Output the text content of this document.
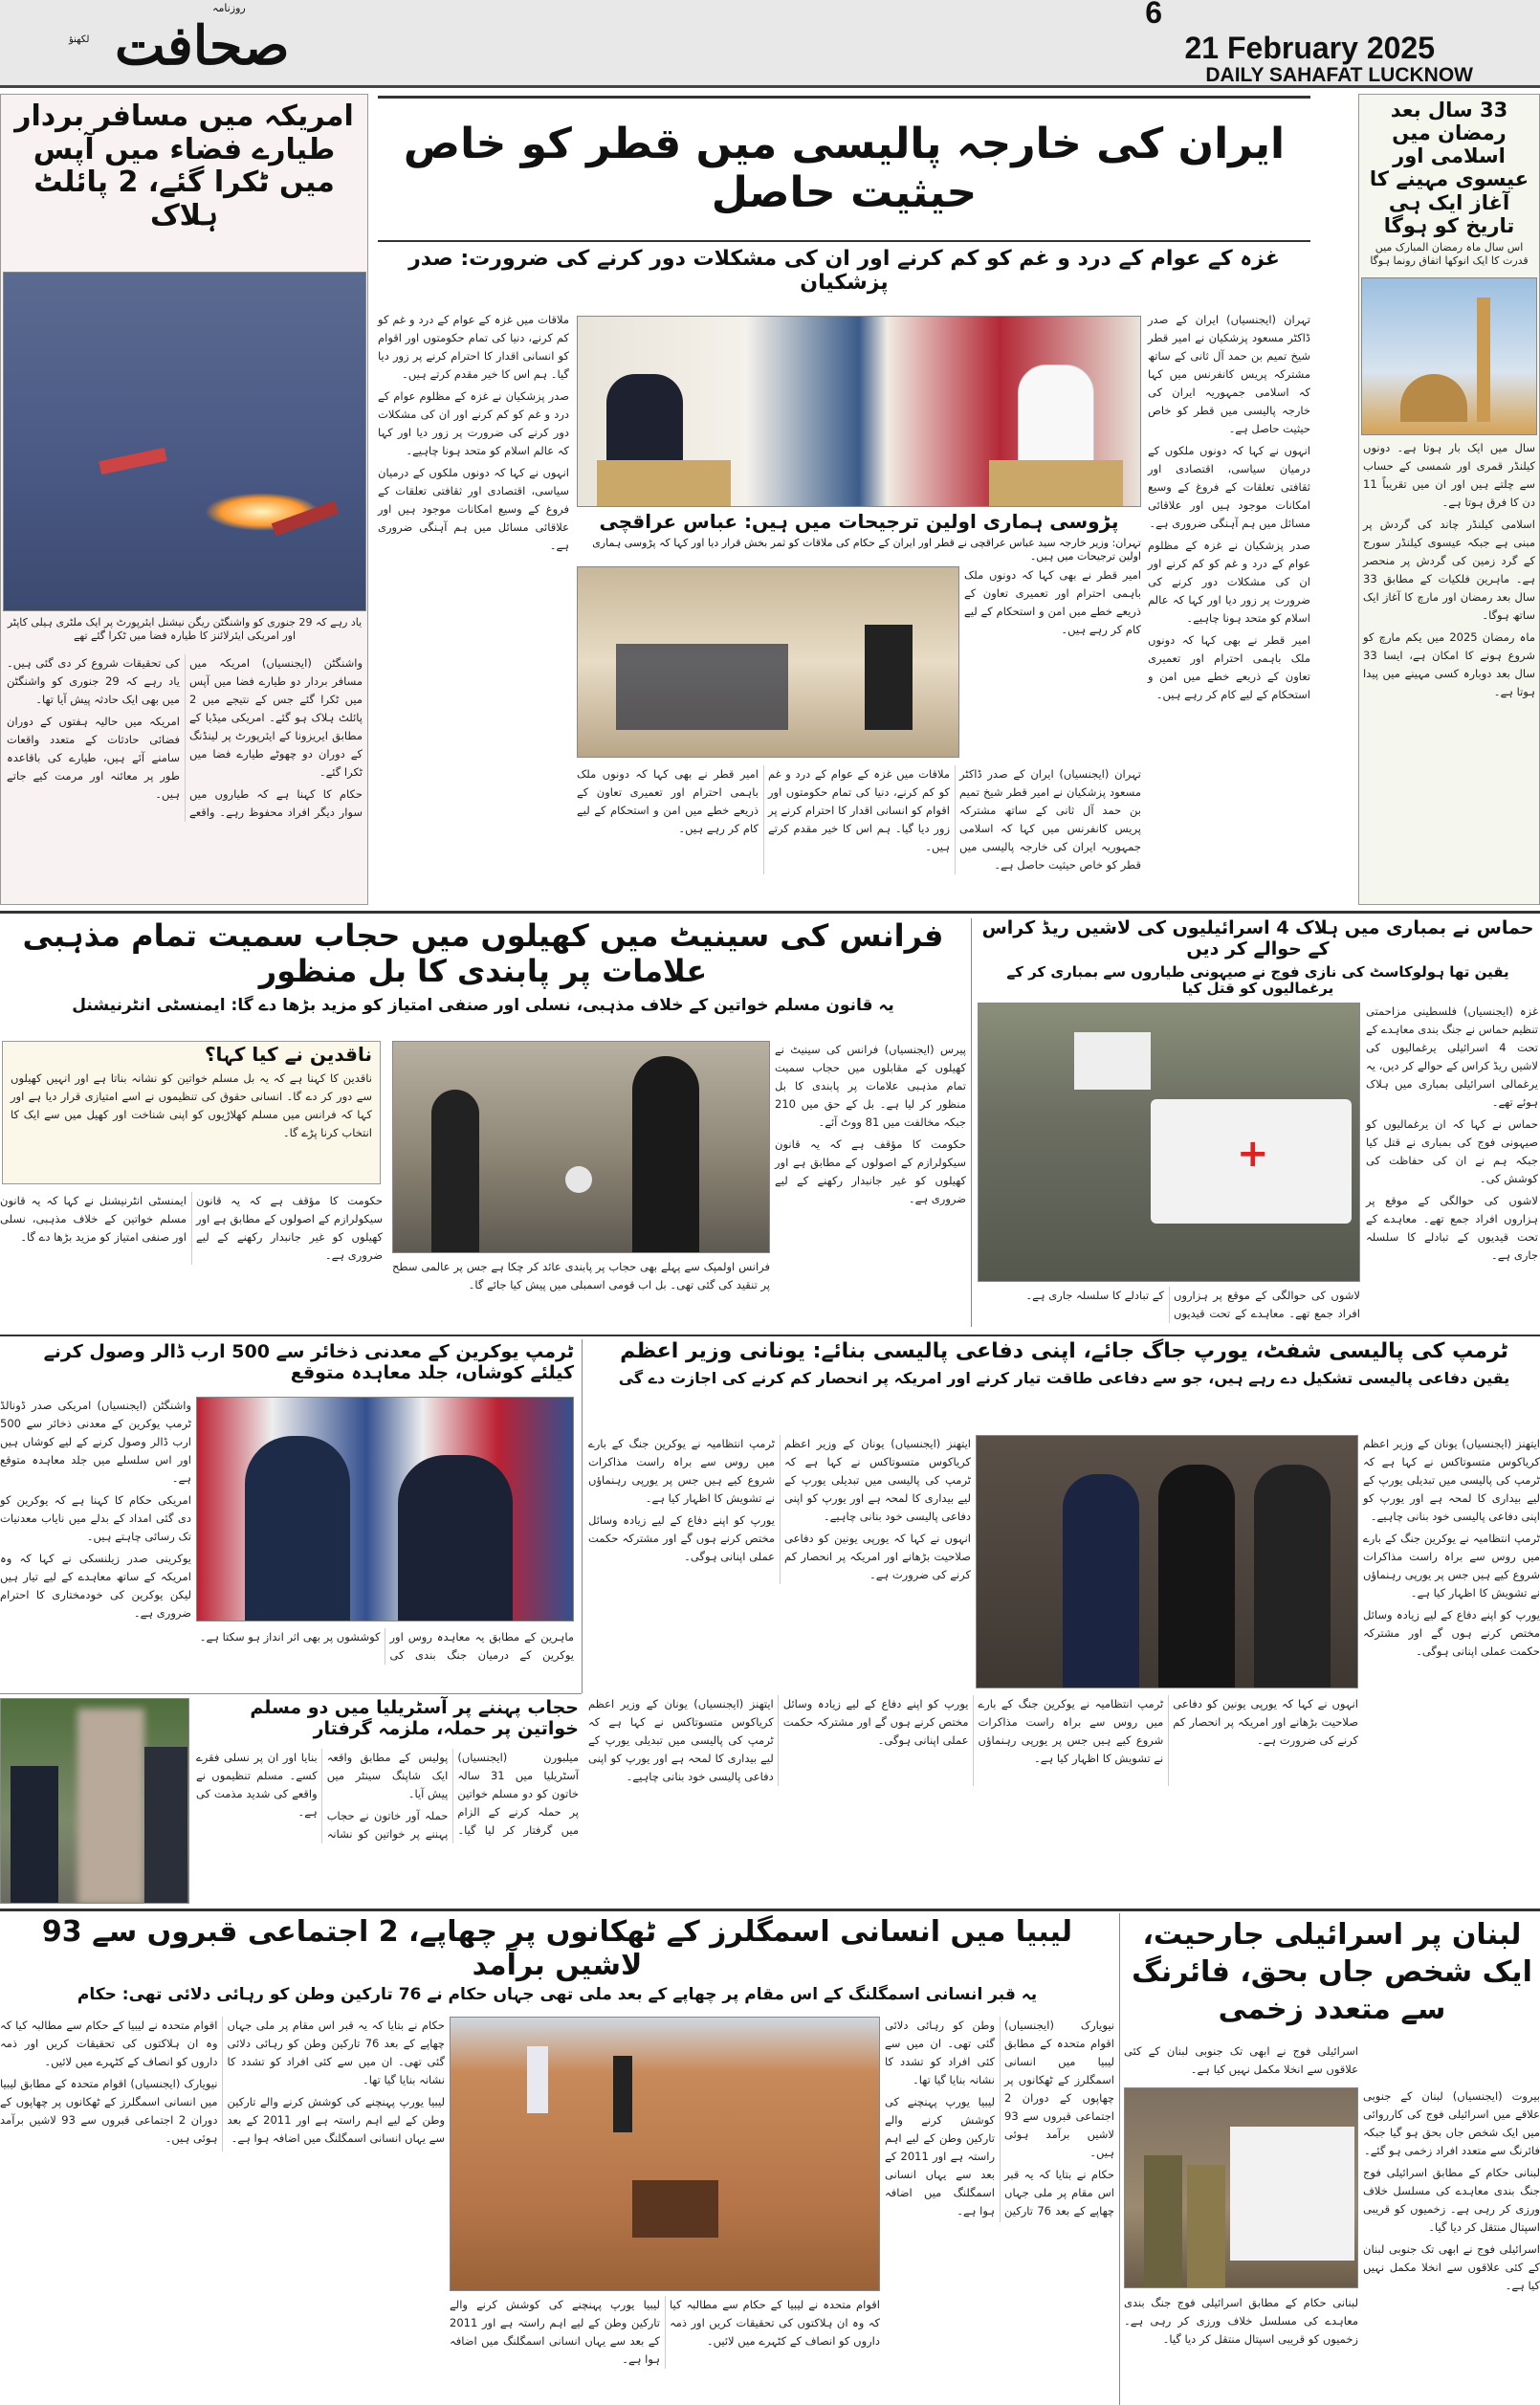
روزنامہ
لکھنؤ صحافت
6
21 February 2025
DAILY SAHAFAT LUCKNOW
امریکہ میں مسافر بردار طیارے فضاء میں آپس میں ٹکرا گئے، 2 پائلٹ ہلاک
یاد رہے کہ 29 جنوری کو واشنگٹن ریگن نیشنل ایئرپورٹ پر ایک ملٹری ہیلی کاپٹر اور امریکی ایئرلائنز کا طیارہ فضا میں ٹکرا گئے تھے

واشنگٹن (ایجنسیاں) امریکہ میں مسافر بردار دو طیارے فضا میں آپس میں ٹکرا گئے جس کے نتیجے میں 2 پائلٹ ہلاک ہو گئے۔ امریکی میڈیا کے مطابق ایریزونا کے ایئرپورٹ پر لینڈنگ کے دوران دو چھوٹے طیارے فضا میں ٹکرا گئے۔

حکام کا کہنا ہے کہ طیاروں میں سوار دیگر افراد محفوظ رہے۔ واقعے کی تحقیقات شروع کر دی گئی ہیں۔ یاد رہے کہ 29 جنوری کو واشنگٹن میں بھی ایک حادثہ پیش آیا تھا۔

امریکہ میں حالیہ ہفتوں کے دوران فضائی حادثات کے متعدد واقعات سامنے آئے ہیں، طیارے کی باقاعدہ طور پر معائنہ اور مرمت کیے جاتے ہیں۔

ایران کی خارجہ پالیسی میں قطر کو خاص حیثیت حاصل
غزہ کے عوام کے درد و غم کو کم کرنے اور ان کی مشکلات دور کرنے کی ضرورت: صدر پزشکیان

تہران (ایجنسیاں) ایران کے صدر ڈاکٹر مسعود پزشکیان نے امیر قطر شیخ تمیم بن حمد آل ثانی کے ساتھ مشترکہ پریس کانفرنس میں کہا کہ اسلامی جمہوریہ ایران کی خارجہ پالیسی میں قطر کو خاص حیثیت حاصل ہے۔

انہوں نے کہا کہ دونوں ملکوں کے درمیان سیاسی، اقتصادی اور ثقافتی تعلقات کے فروغ کے وسیع امکانات موجود ہیں اور علاقائی مسائل میں ہم آہنگی ضروری ہے۔

صدر پزشکیان نے غزہ کے مظلوم عوام کے درد و غم کو کم کرنے اور ان کی مشکلات دور کرنے کی ضرورت پر زور دیا اور کہا کہ عالم اسلام کو متحد ہونا چاہیے۔

امیر قطر نے بھی کہا کہ دونوں ملک باہمی احترام اور تعمیری تعاون کے ذریعے خطے میں امن و استحکام کے لیے کام کر رہے ہیں۔

ملاقات میں غزہ کے عوام کے درد و غم کو کم کرنے، دنیا کی تمام حکومتوں اور اقوام کو انسانی اقدار کا احترام کرنے پر زور دیا گیا۔ ہم اس کا خیر مقدم کرتے ہیں۔

صدر پزشکیان نے غزہ کے مظلوم عوام کے درد و غم کو کم کرنے اور ان کی مشکلات دور کرنے کی ضرورت پر زور دیا اور کہا کہ عالم اسلام کو متحد ہونا چاہیے۔

انہوں نے کہا کہ دونوں ملکوں کے درمیان سیاسی، اقتصادی اور ثقافتی تعلقات کے فروغ کے وسیع امکانات موجود ہیں اور علاقائی مسائل میں ہم آہنگی ضروری ہے۔

پڑوسی ہماری اولین ترجیحات میں ہیں: عباس عراقچی
تہران: وزیر خارجہ سید عباس عراقچی نے قطر اور ایران کے حکام کی ملاقات کو ثمر بخش قرار دیا اور کہا کہ پڑوسی ہماری اولین ترجیحات میں ہیں۔

امیر قطر نے بھی کہا کہ دونوں ملک باہمی احترام اور تعمیری تعاون کے ذریعے خطے میں امن و استحکام کے لیے کام کر رہے ہیں۔

تہران (ایجنسیاں) ایران کے صدر ڈاکٹر مسعود پزشکیان نے امیر قطر شیخ تمیم بن حمد آل ثانی کے ساتھ مشترکہ پریس کانفرنس میں کہا کہ اسلامی جمہوریہ ایران کی خارجہ پالیسی میں قطر کو خاص حیثیت حاصل ہے۔

ملاقات میں غزہ کے عوام کے درد و غم کو کم کرنے، دنیا کی تمام حکومتوں اور اقوام کو انسانی اقدار کا احترام کرنے پر زور دیا گیا۔ ہم اس کا خیر مقدم کرتے ہیں۔

امیر قطر نے بھی کہا کہ دونوں ملک باہمی احترام اور تعمیری تعاون کے ذریعے خطے میں امن و استحکام کے لیے کام کر رہے ہیں۔

33 سال بعد رمضان میں اسلامی اور عیسوی مہینے کا آغاز ایک ہی تاریخ کو ہوگا
اس سال ماہ رمضان المبارک میں قدرت کا ایک انوکھا اتفاق رونما ہوگا

سال میں ایک بار ہوتا ہے۔ دونوں کیلنڈر قمری اور شمسی کے حساب سے چلتے ہیں اور ان میں تقریباً 11 دن کا فرق ہوتا ہے۔

اسلامی کیلنڈر چاند کی گردش پر مبنی ہے جبکہ عیسوی کیلنڈر سورج کے گرد زمین کی گردش پر منحصر ہے۔ ماہرین فلکیات کے مطابق 33 سال بعد رمضان اور مارچ کا آغاز ایک ساتھ ہوگا۔

ماہ رمضان 2025 میں یکم مارچ کو شروع ہونے کا امکان ہے، ایسا 33 سال بعد دوبارہ کسی مہینے میں پیدا ہوتا ہے۔

فرانس کی سینیٹ میں کھیلوں میں حجاب سمیت تمام مذہبی علامات پر پابندی کا بل منظور
یہ قانون مسلم خواتین کے خلاف مذہبی، نسلی اور صنفی امتیاز کو مزید بڑھا دے گا: ایمنسٹی انٹرنیشنل

پیرس (ایجنسیاں) فرانس کی سینیٹ نے کھیلوں کے مقابلوں میں حجاب سمیت تمام مذہبی علامات پر پابندی کا بل منظور کر لیا ہے۔ بل کے حق میں 210 جبکہ مخالفت میں 81 ووٹ آئے۔

حکومت کا مؤقف ہے کہ یہ قانون سیکولرازم کے اصولوں کے مطابق ہے اور کھیلوں کو غیر جانبدار رکھنے کے لیے ضروری ہے۔

فرانس اولمپک سے پہلے بھی حجاب پر پابندی عائد کر چکا ہے جس پر عالمی سطح پر تنقید کی گئی تھی۔ بل اب قومی اسمبلی میں پیش کیا جائے گا۔

ناقدین نے کیا کہا؟
ناقدین کا کہنا ہے کہ یہ بل مسلم خواتین کو نشانہ بناتا ہے اور انہیں کھیلوں سے دور کر دے گا۔ انسانی حقوق کی تنظیموں نے اسے امتیازی قرار دیا ہے اور کہا کہ فرانس میں مسلم کھلاڑیوں کو اپنی شناخت اور کھیل میں سے ایک کا انتخاب کرنا پڑے گا۔

حکومت کا مؤقف ہے کہ یہ قانون سیکولرازم کے اصولوں کے مطابق ہے اور کھیلوں کو غیر جانبدار رکھنے کے لیے ضروری ہے۔

ایمنسٹی انٹرنیشنل نے کہا کہ یہ قانون مسلم خواتین کے خلاف مذہبی، نسلی اور صنفی امتیاز کو مزید بڑھا دے گا۔

حماس نے بمباری میں ہلاک 4 اسرائیلیوں کی لاشیں ریڈ کراس کے حوالے کر دیں
یقین تھا ہولوکاسٹ کی نازی فوج نے صیہونی طیاروں سے بمباری کر کے یرغمالیوں کو قتل کیا
+

غزہ (ایجنسیاں) فلسطینی مزاحمتی تنظیم حماس نے جنگ بندی معاہدے کے تحت 4 اسرائیلی یرغمالیوں کی لاشیں ریڈ کراس کے حوالے کر دیں، یہ یرغمالی اسرائیلی بمباری میں ہلاک ہوئے تھے۔

حماس نے کہا کہ ان یرغمالیوں کو صیہونی فوج کی بمباری نے قتل کیا جبکہ ہم نے ان کی حفاظت کی کوشش کی۔

لاشوں کی حوالگی کے موقع پر ہزاروں افراد جمع تھے۔ معاہدے کے تحت قیدیوں کے تبادلے کا سلسلہ جاری ہے۔

لاشوں کی حوالگی کے موقع پر ہزاروں افراد جمع تھے۔ معاہدے کے تحت قیدیوں کے تبادلے کا سلسلہ جاری ہے۔

ٹرمپ یوکرین کے معدنی ذخائر سے 500 ارب ڈالر وصول کرنے کیلئے کوشاں، جلد معاہدہ متوقع

واشنگٹن (ایجنسیاں) امریکی صدر ڈونالڈ ٹرمپ یوکرین کے معدنی ذخائر سے 500 ارب ڈالر وصول کرنے کے لیے کوشاں ہیں اور اس سلسلے میں جلد معاہدہ متوقع ہے۔

امریکی حکام کا کہنا ہے کہ یوکرین کو دی گئی امداد کے بدلے میں نایاب معدنیات تک رسائی چاہتے ہیں۔

یوکرینی صدر زیلنسکی نے کہا کہ وہ امریکہ کے ساتھ معاہدے کے لیے تیار ہیں لیکن یوکرین کی خودمختاری کا احترام ضروری ہے۔

ماہرین کے مطابق یہ معاہدہ روس اور یوکرین کے درمیان جنگ بندی کی کوششوں پر بھی اثر انداز ہو سکتا ہے۔

ٹرمپ کی پالیسی شفٹ، یورپ جاگ جائے، اپنی دفاعی پالیسی بنائے: یونانی وزیر اعظم
یقین دفاعی پالیسی تشکیل دے رہے ہیں، جو سے دفاعی طاقت تیار کرنے اور امریکہ پر انحصار کم کرنے کی اجازت دے گی

ایتھنز (ایجنسیاں) یونان کے وزیر اعظم کریاکوس متسوتاکس نے کہا ہے کہ ٹرمپ کی پالیسی میں تبدیلی یورپ کے لیے بیداری کا لمحہ ہے اور یورپ کو اپنی دفاعی پالیسی خود بنانی چاہیے۔

انہوں نے کہا کہ یورپی یونین کو دفاعی صلاحیت بڑھانے اور امریکہ پر انحصار کم کرنے کی ضرورت ہے۔

ٹرمپ انتظامیہ نے یوکرین جنگ کے بارے میں روس سے براہ راست مذاکرات شروع کیے ہیں جس پر یورپی رہنماؤں نے تشویش کا اظہار کیا ہے۔

یورپ کو اپنے دفاع کے لیے زیادہ وسائل مختص کرنے ہوں گے اور مشترکہ حکمت عملی اپنانی ہوگی۔

ایتھنز (ایجنسیاں) یونان کے وزیر اعظم کریاکوس متسوتاکس نے کہا ہے کہ ٹرمپ کی پالیسی میں تبدیلی یورپ کے لیے بیداری کا لمحہ ہے اور یورپ کو اپنی دفاعی پالیسی خود بنانی چاہیے۔

ٹرمپ انتظامیہ نے یوکرین جنگ کے بارے میں روس سے براہ راست مذاکرات شروع کیے ہیں جس پر یورپی رہنماؤں نے تشویش کا اظہار کیا ہے۔

یورپ کو اپنے دفاع کے لیے زیادہ وسائل مختص کرنے ہوں گے اور مشترکہ حکمت عملی اپنانی ہوگی۔

انہوں نے کہا کہ یورپی یونین کو دفاعی صلاحیت بڑھانے اور امریکہ پر انحصار کم کرنے کی ضرورت ہے۔

ٹرمپ انتظامیہ نے یوکرین جنگ کے بارے میں روس سے براہ راست مذاکرات شروع کیے ہیں جس پر یورپی رہنماؤں نے تشویش کا اظہار کیا ہے۔

یورپ کو اپنے دفاع کے لیے زیادہ وسائل مختص کرنے ہوں گے اور مشترکہ حکمت عملی اپنانی ہوگی۔

ایتھنز (ایجنسیاں) یونان کے وزیر اعظم کریاکوس متسوتاکس نے کہا ہے کہ ٹرمپ کی پالیسی میں تبدیلی یورپ کے لیے بیداری کا لمحہ ہے اور یورپ کو اپنی دفاعی پالیسی خود بنانی چاہیے۔

حجاب پہننے پر آسٹریلیا میں دو مسلم خواتین پر حملہ، ملزمہ گرفتار

میلبورن (ایجنسیاں) آسٹریلیا میں 31 سالہ خاتون کو دو مسلم خواتین پر حملہ کرنے کے الزام میں گرفتار کر لیا گیا۔ پولیس کے مطابق واقعہ ایک شاپنگ سینٹر میں پیش آیا۔

حملہ آور خاتون نے حجاب پہننے پر خواتین کو نشانہ بنایا اور ان پر نسلی فقرے کسے۔ مسلم تنظیموں نے واقعے کی شدید مذمت کی ہے۔

لیبیا میں انسانی اسمگلرز کے ٹھکانوں پر چھاپے، 2 اجتماعی قبروں سے 93 لاشیں برآمد
یہ قبر انسانی اسمگلنگ کے اس مقام پر چھاپے کے بعد ملی تھی جہاں حکام نے 76 تارکین وطن کو رہائی دلائی تھی: حکام

نیویارک (ایجنسیاں) اقوام متحدہ کے مطابق لیبیا میں انسانی اسمگلرز کے ٹھکانوں پر چھاپوں کے دوران 2 اجتماعی قبروں سے 93 لاشیں برآمد ہوئی ہیں۔

حکام نے بتایا کہ یہ قبر اس مقام پر ملی جہاں چھاپے کے بعد 76 تارکین وطن کو رہائی دلائی گئی تھی۔ ان میں سے کئی افراد کو تشدد کا نشانہ بنایا گیا تھا۔

لیبیا یورپ پہنچنے کی کوشش کرنے والے تارکین وطن کے لیے اہم راستہ ہے اور 2011 کے بعد سے یہاں انسانی اسمگلنگ میں اضافہ ہوا ہے۔

حکام نے بتایا کہ یہ قبر اس مقام پر ملی جہاں چھاپے کے بعد 76 تارکین وطن کو رہائی دلائی گئی تھی۔ ان میں سے کئی افراد کو تشدد کا نشانہ بنایا گیا تھا۔

لیبیا یورپ پہنچنے کی کوشش کرنے والے تارکین وطن کے لیے اہم راستہ ہے اور 2011 کے بعد سے یہاں انسانی اسمگلنگ میں اضافہ ہوا ہے۔

اقوام متحدہ نے لیبیا کے حکام سے مطالبہ کیا کہ وہ ان ہلاکتوں کی تحقیقات کریں اور ذمہ داروں کو انصاف کے کٹہرے میں لائیں۔

نیویارک (ایجنسیاں) اقوام متحدہ کے مطابق لیبیا میں انسانی اسمگلرز کے ٹھکانوں پر چھاپوں کے دوران 2 اجتماعی قبروں سے 93 لاشیں برآمد ہوئی ہیں۔

اقوام متحدہ نے لیبیا کے حکام سے مطالبہ کیا کہ وہ ان ہلاکتوں کی تحقیقات کریں اور ذمہ داروں کو انصاف کے کٹہرے میں لائیں۔

لیبیا یورپ پہنچنے کی کوشش کرنے والے تارکین وطن کے لیے اہم راستہ ہے اور 2011 کے بعد سے یہاں انسانی اسمگلنگ میں اضافہ ہوا ہے۔

لبنان پر اسرائیلی جارحیت، ایک شخص جاں بحق، فائرنگ سے متعدد زخمی

اسرائیلی فوج نے ابھی تک جنوبی لبنان کے کئی علاقوں سے انخلا مکمل نہیں کیا ہے۔

بیروت (ایجنسیاں) لبنان کے جنوبی علاقے میں اسرائیلی فوج کی کارروائی میں ایک شخص جاں بحق ہو گیا جبکہ فائرنگ سے متعدد افراد زخمی ہو گئے۔

لبنانی حکام کے مطابق اسرائیلی فوج جنگ بندی معاہدے کی مسلسل خلاف ورزی کر رہی ہے۔ زخمیوں کو قریبی اسپتال منتقل کر دیا گیا۔

اسرائیلی فوج نے ابھی تک جنوبی لبنان کے کئی علاقوں سے انخلا مکمل نہیں کیا ہے۔

لبنانی حکام کے مطابق اسرائیلی فوج جنگ بندی معاہدے کی مسلسل خلاف ورزی کر رہی ہے۔ زخمیوں کو قریبی اسپتال منتقل کر دیا گیا۔
